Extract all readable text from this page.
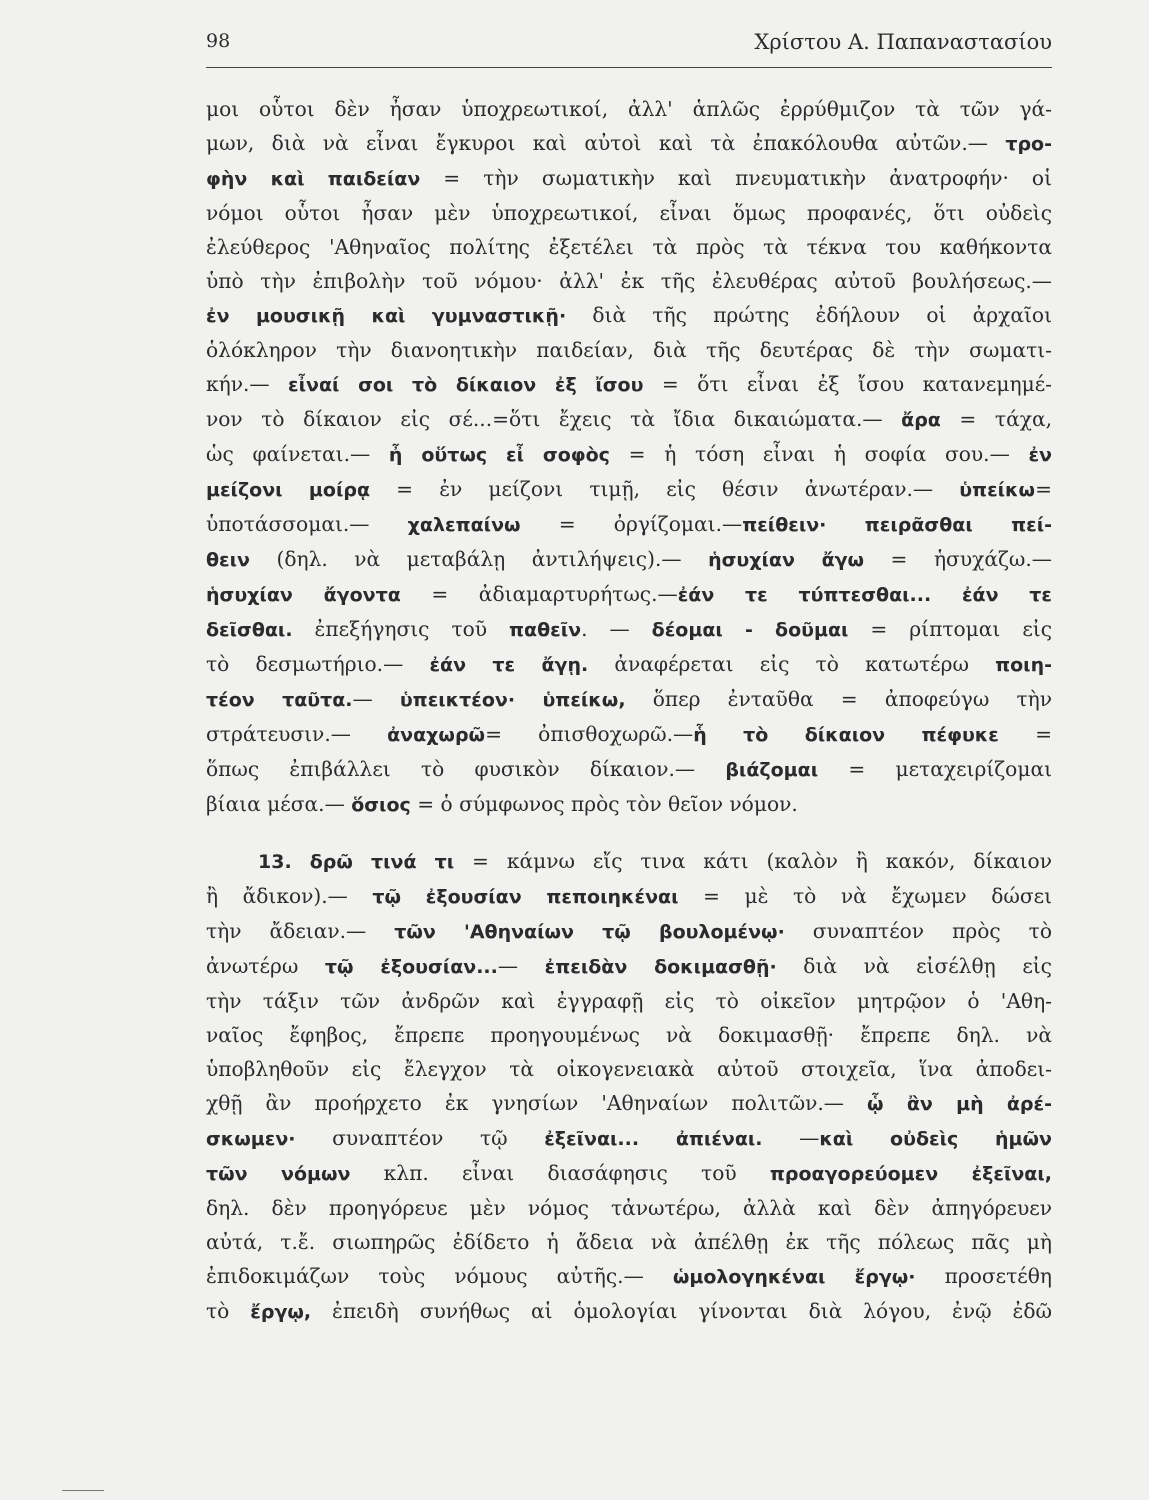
98	Χρίστου Α. Παπαναστασίου

μοι οὗτοι δὲν ἦσαν ὑποχρεωτικοί, ἀλλ' ἁπλῶς ἐρρύθμιζον τὰ τῶν γά-
μων, διὰ νὰ εἶναι ἔγκυροι καὶ αὐτοὶ καὶ τὰ ἐπακόλουθα αὐτῶν.— τρο-
φὴν καὶ παιδείαν = τὴν σωματικὴν καὶ πνευματικὴν ἀνατροφήν· οἱ
νόμοι οὗτοι ἦσαν μὲν ὑποχρεωτικοί, εἶναι ὅμως προφανές, ὅτι οὐδεὶς
ἐλεύθερος 'Αθηναῖος πολίτης ἐξετέλει τὰ πρὸς τὰ τέκνα του καθήκοντα
ὑπὸ τὴν ἐπιβολὴν τοῦ νόμου· ἀλλ' ἐκ τῆς ἐλευθέρας αὐτοῦ βουλήσεως.—
ἐν μουσικῇ καὶ γυμναστικῇ· διὰ τῆς πρώτης ἐδήλουν οἱ ἀρχαῖοι
ὁλόκληρον τὴν διανοητικὴν παιδείαν, διὰ τῆς δευτέρας δὲ τὴν σωματι-
κήν.— εἶναί σοι τὸ δίκαιον ἐξ ἴσου = ὅτι εἶναι ἐξ ἴσου κατανεμημέ-
νον τὸ δίκαιον εἰς σέ...=ὅτι ἔχεις τὰ ἴδια δικαιώματα.— ἄρα = τάχα,
ὡς φαίνεται.— ἦ οὕτως εἶ σοφὸς = ἡ τόση εἶναι ἡ σοφία σου.— ἐν
μείζονι μοίρᾳ = ἐν μείζονι τιμῇ, εἰς θέσιν ἀνωτέραν.— ὑπείκω=
ὑποτάσσομαι.— χαλεπαίνω = ὀργίζομαι.—πείθειν· πειρᾶσθαι πεί-
θειν (δηλ. νὰ μεταβάλῃ ἀντιλήψεις).— ἡσυχίαν ἄγω = ἡσυχάζω.—
ἡσυχίαν ἄγοντα = ἀδιαμαρτυρήτως.—ἐάν τε τύπτεσθαι... ἐάν τε
δεῖσθαι. ἐπεξήγησις τοῦ παθεῖν. — δέομαι - δοῦμαι = ρίπτομαι εἰς
τὸ δεσμωτήριο.— ἐάν τε ἄγῃ. ἀναφέρεται εἰς τὸ κατωτέρω ποιη-
τέον ταῦτα.— ὑπεικτέον· ὑπείκω, ὅπερ ἐνταῦθα = ἀποφεύγω τὴν
στράτευσιν.— ἀναχωρῶ= ὀπισθοχωρῶ.—ἧ τὸ δίκαιον πέφυκε =
ὅπως ἐπιβάλλει τὸ φυσικὸν δίκαιον.— βιάζομαι = μεταχειρίζομαι
βίαια μέσα.— ὅσιος = ὁ σύμφωνος πρὸς τὸν θεῖον νόμον.

13. δρῶ τινά τι = κάμνω εἴς τινα κάτι (καλὸν ἢ κακόν, δίκαιον
ἢ ἄδικον).— τῷ ἐξουσίαν πεποιηκέναι = μὲ τὸ νὰ ἔχωμεν δώσει
τὴν ἄδειαν.— τῶν 'Αθηναίων τῷ βουλομένῳ· συναπτέον πρὸς τὸ
ἀνωτέρω τῷ ἐξουσίαν...— ἐπειδὰν δοκιμασθῇ· διὰ νὰ εἰσέλθῃ εἰς
τὴν τάξιν τῶν ἀνδρῶν καὶ ἐγγραφῇ εἰς τὸ οἰκεῖον μητρῷον ὁ 'Αθη-
ναῖος ἔφηβος, ἔπρεπε προηγουμένως νὰ δοκιμασθῇ· ἔπρεπε δηλ. νὰ
ὑποβληθοῦν εἰς ἔλεγχον τὰ οἰκογενειακὰ αὐτοῦ στοιχεῖα, ἵνα ἀποδει-
χθῇ ἂν προήρχετο ἐκ γνησίων 'Αθηναίων πολιτῶν.— ᾧ ἂν μὴ ἀρέ-
σκωμεν· συναπτέον τῷ ἐξεῖναι... ἀπιέναι. —καὶ οὐδεὶς ἡμῶν
τῶν νόμων κλπ. εἶναι διασάφησις τοῦ προαγορεύομεν ἐξεῖναι,
δηλ. δὲν προηγόρευε μὲν νόμος τἀνωτέρω, ἀλλὰ καὶ δὲν ἀπηγόρευεν
αὐτά, τ.ἔ. σιωπηρῶς ἐδίδετο ἡ ἄδεια νὰ ἀπέλθῃ ἐκ τῆς πόλεως πᾶς μὴ
ἐπιδοκιμάζων τοὺς νόμους αὐτῆς.— ὡμολογηκέναι ἔργῳ· προσετέθη
τὸ ἔργῳ, ἐπειδὴ συνήθως αἱ ὁμολογίαι γίνονται διὰ λόγου, ἐνῷ ἐδῶ
